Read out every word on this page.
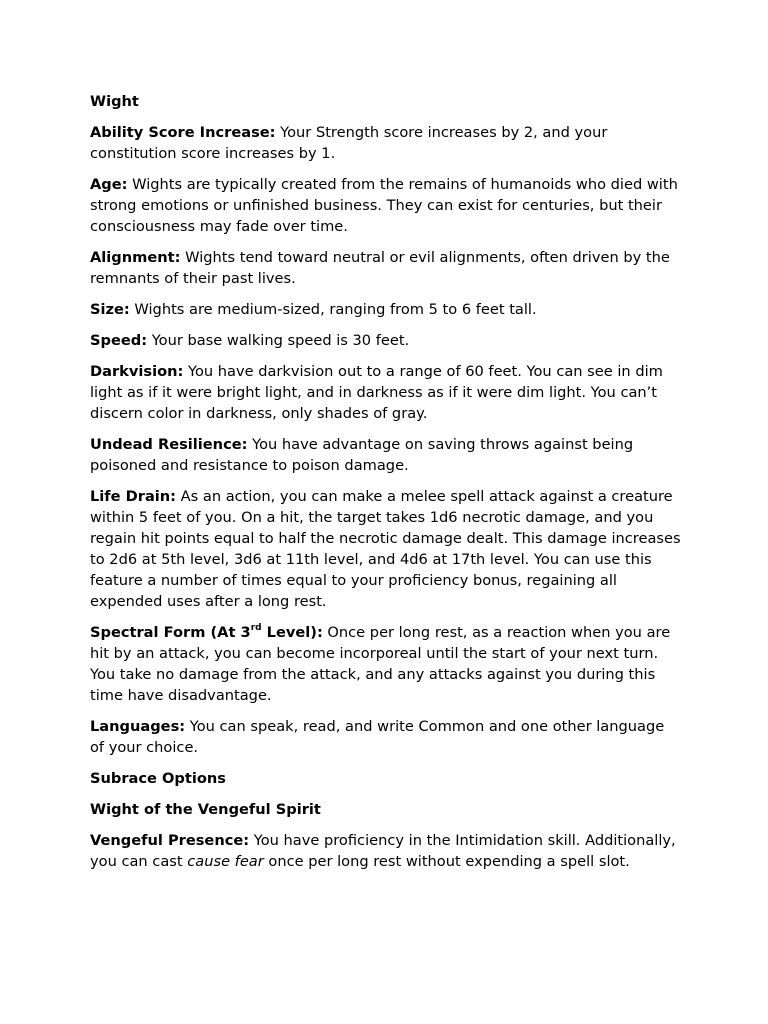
Wight
Ability Score Increase: Your Strength score increases by 2, and your constitution score increases by 1.
Age: Wights are typically created from the remains of humanoids who died with strong emotions or unfinished business. They can exist for centuries, but their consciousness may fade over time.
Alignment: Wights tend toward neutral or evil alignments, often driven by the remnants of their past lives.
Size: Wights are medium-sized, ranging from 5 to 6 feet tall.
Speed: Your base walking speed is 30 feet.
Darkvision: You have darkvision out to a range of 60 feet. You can see in dim light as if it were bright light, and in darkness as if it were dim light. You can’t discern color in darkness, only shades of gray.
Undead Resilience: You have advantage on saving throws against being poisoned and resistance to poison damage.
Life Drain: As an action, you can make a melee spell attack against a creature within 5 feet of you. On a hit, the target takes 1d6 necrotic damage, and you regain hit points equal to half the necrotic damage dealt. This damage increases to 2d6 at 5th level, 3d6 at 11th level, and 4d6 at 17th level. You can use this feature a number of times equal to your proficiency bonus, regaining all expended uses after a long rest.
Spectral Form (At 3rd Level): Once per long rest, as a reaction when you are hit by an attack, you can become incorporeal until the start of your next turn. You take no damage from the attack, and any attacks against you during this time have disadvantage.
Languages: You can speak, read, and write Common and one other language of your choice.
Subrace Options
Wight of the Vengeful Spirit
Vengeful Presence: You have proficiency in the Intimidation skill. Additionally, you can cast cause fear once per long rest without expending a spell slot.
